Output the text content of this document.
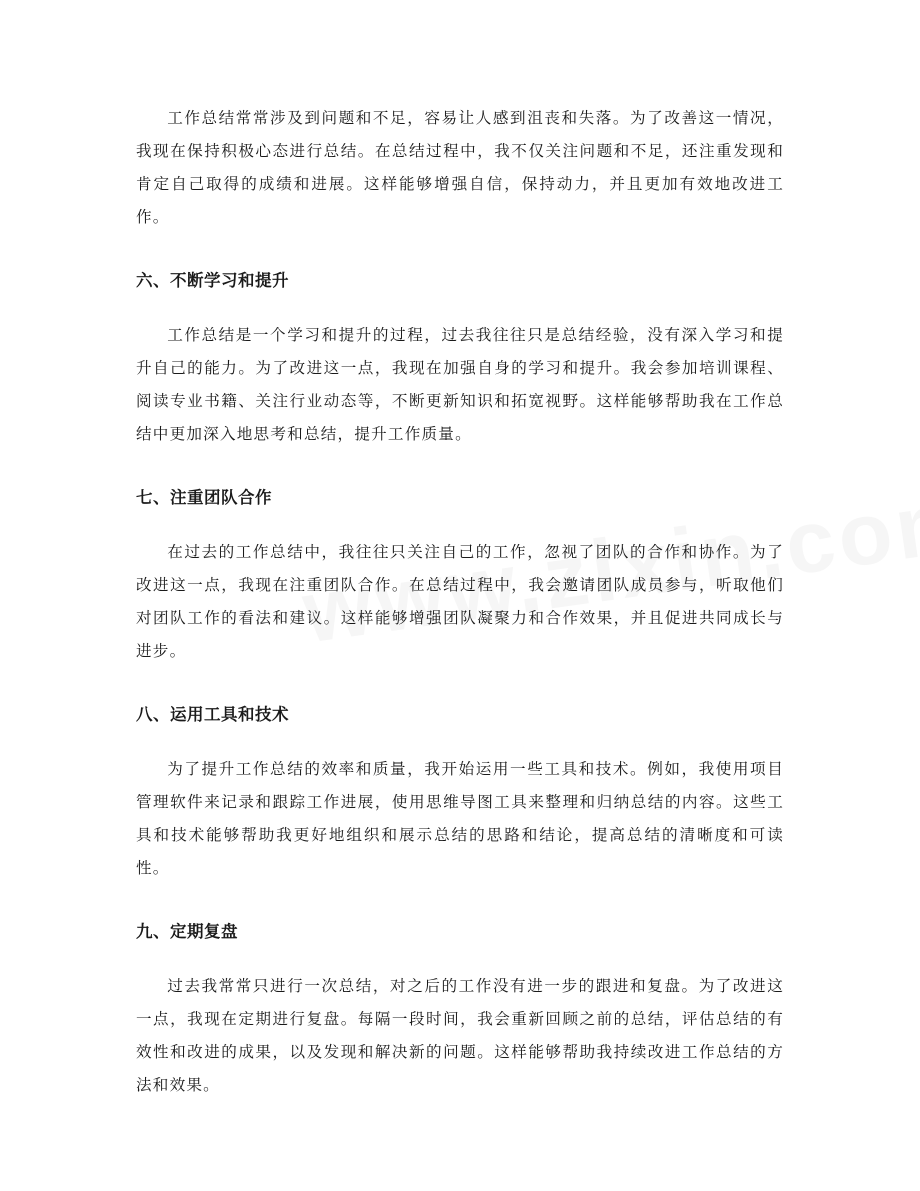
工作总结常常涉及到问题和不足，容易让人感到沮丧和失落。为了改善这一情况，我现在保持积极心态进行总结。在总结过程中，我不仅关注问题和不足，还注重发现和肯定自己取得的成绩和进展。这样能够增强自信，保持动力，并且更加有效地改进工作。

六、不断学习和提升

工作总结是一个学习和提升的过程，过去我往往只是总结经验，没有深入学习和提升自己的能力。为了改进这一点，我现在加强自身的学习和提升。我会参加培训课程、阅读专业书籍、关注行业动态等，不断更新知识和拓宽视野。这样能够帮助我在工作总结中更加深入地思考和总结，提升工作质量。

七、注重团队合作

在过去的工作总结中，我往往只关注自己的工作，忽视了团队的合作和协作。为了改进这一点，我现在注重团队合作。在总结过程中，我会邀请团队成员参与，听取他们对团队工作的看法和建议。这样能够增强团队凝聚力和合作效果，并且促进共同成长与进步。

八、运用工具和技术

为了提升工作总结的效率和质量，我开始运用一些工具和技术。例如，我使用项目管理软件来记录和跟踪工作进展，使用思维导图工具来整理和归纳总结的内容。这些工具和技术能够帮助我更好地组织和展示总结的思路和结论，提高总结的清晰度和可读性。

九、定期复盘

过去我常常只进行一次总结，对之后的工作没有进一步的跟进和复盘。为了改进这一点，我现在定期进行复盘。每隔一段时间，我会重新回顾之前的总结，评估总结的有效性和改进的成果，以及发现和解决新的问题。这样能够帮助我持续改进工作总结的方法和效果。
